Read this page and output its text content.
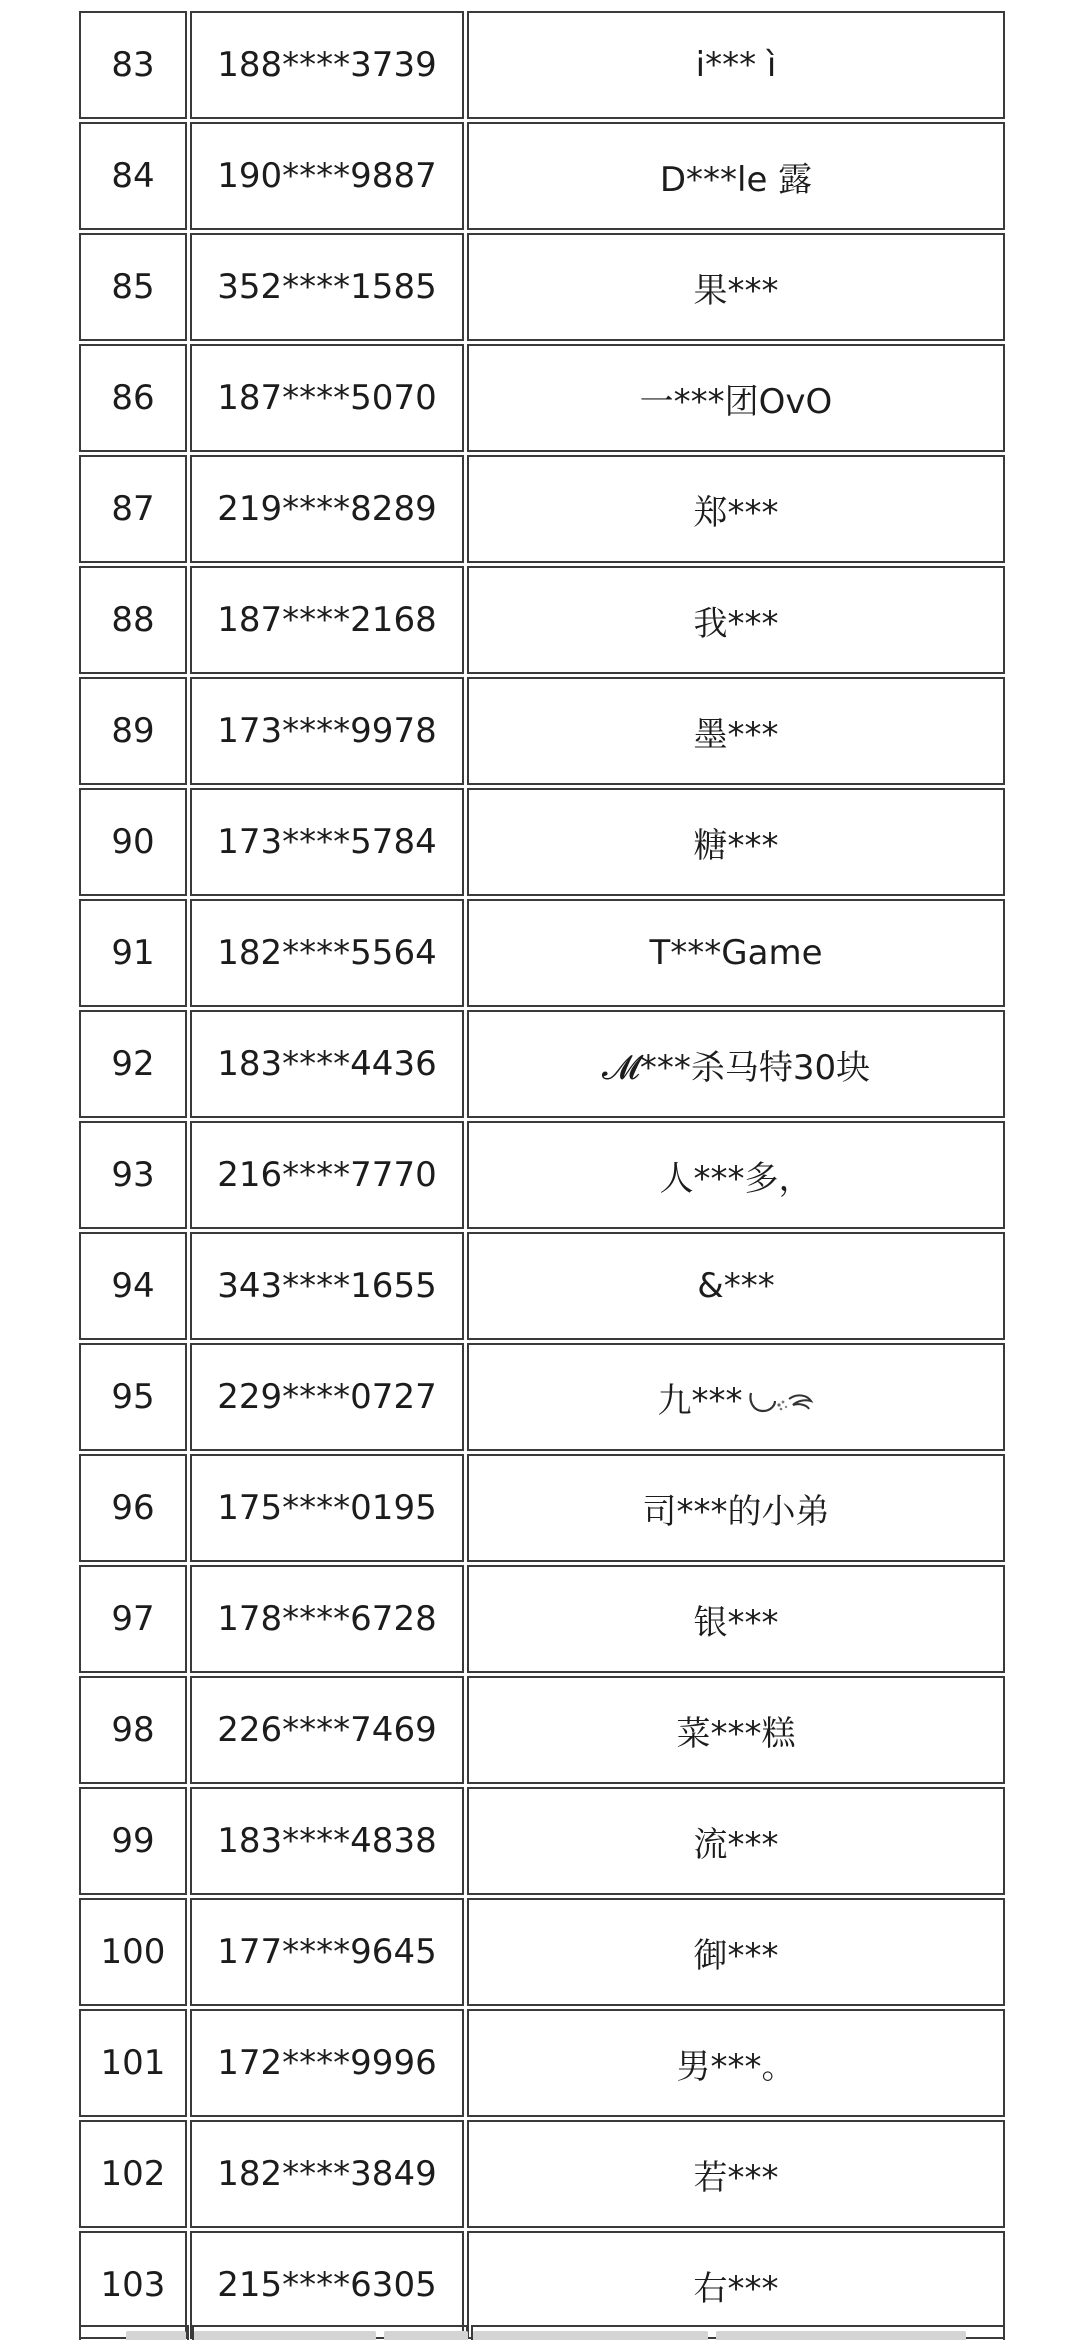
83	188****3739	i*** ì
84	190****9887	D***le 露
85	352****1585	果***
86	187****5070	一***团OvO
87	219****8289	郑***
88	187****2168	我***
89	173****9978	墨***
90	173****5784	糖***
91	182****5564	T***Game
92	183****4436	𝓜***杀马特30块
93	216****7770	人***多，
94	343****1655	&***
95	229****0727	九***
96	175****0195	司***的小弟
97	178****6728	银***
98	226****7469	菜***糕
99	183****4838	流***
100	177****9645	御***
101	172****9996	男***。
102	182****3849	若***
103	215****6305	右***
